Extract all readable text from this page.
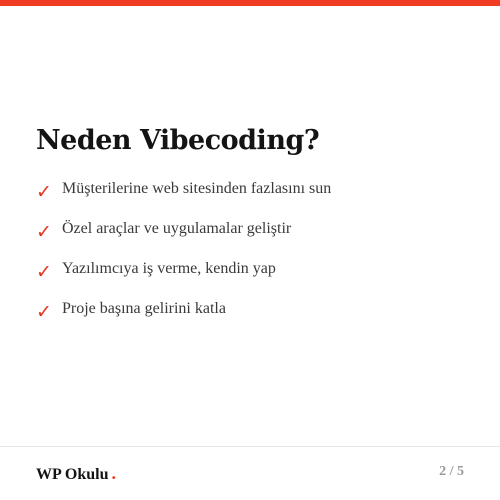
Neden Vibecoding?
✓ Müşterilerine web sitesinden fazlasını sun
✓ Özel araçlar ve uygulamalar geliştir
✓ Yazılımcıya iş verme, kendin yap
✓ Proje başına gelirini katla
WP Okulu .	2 / 5
